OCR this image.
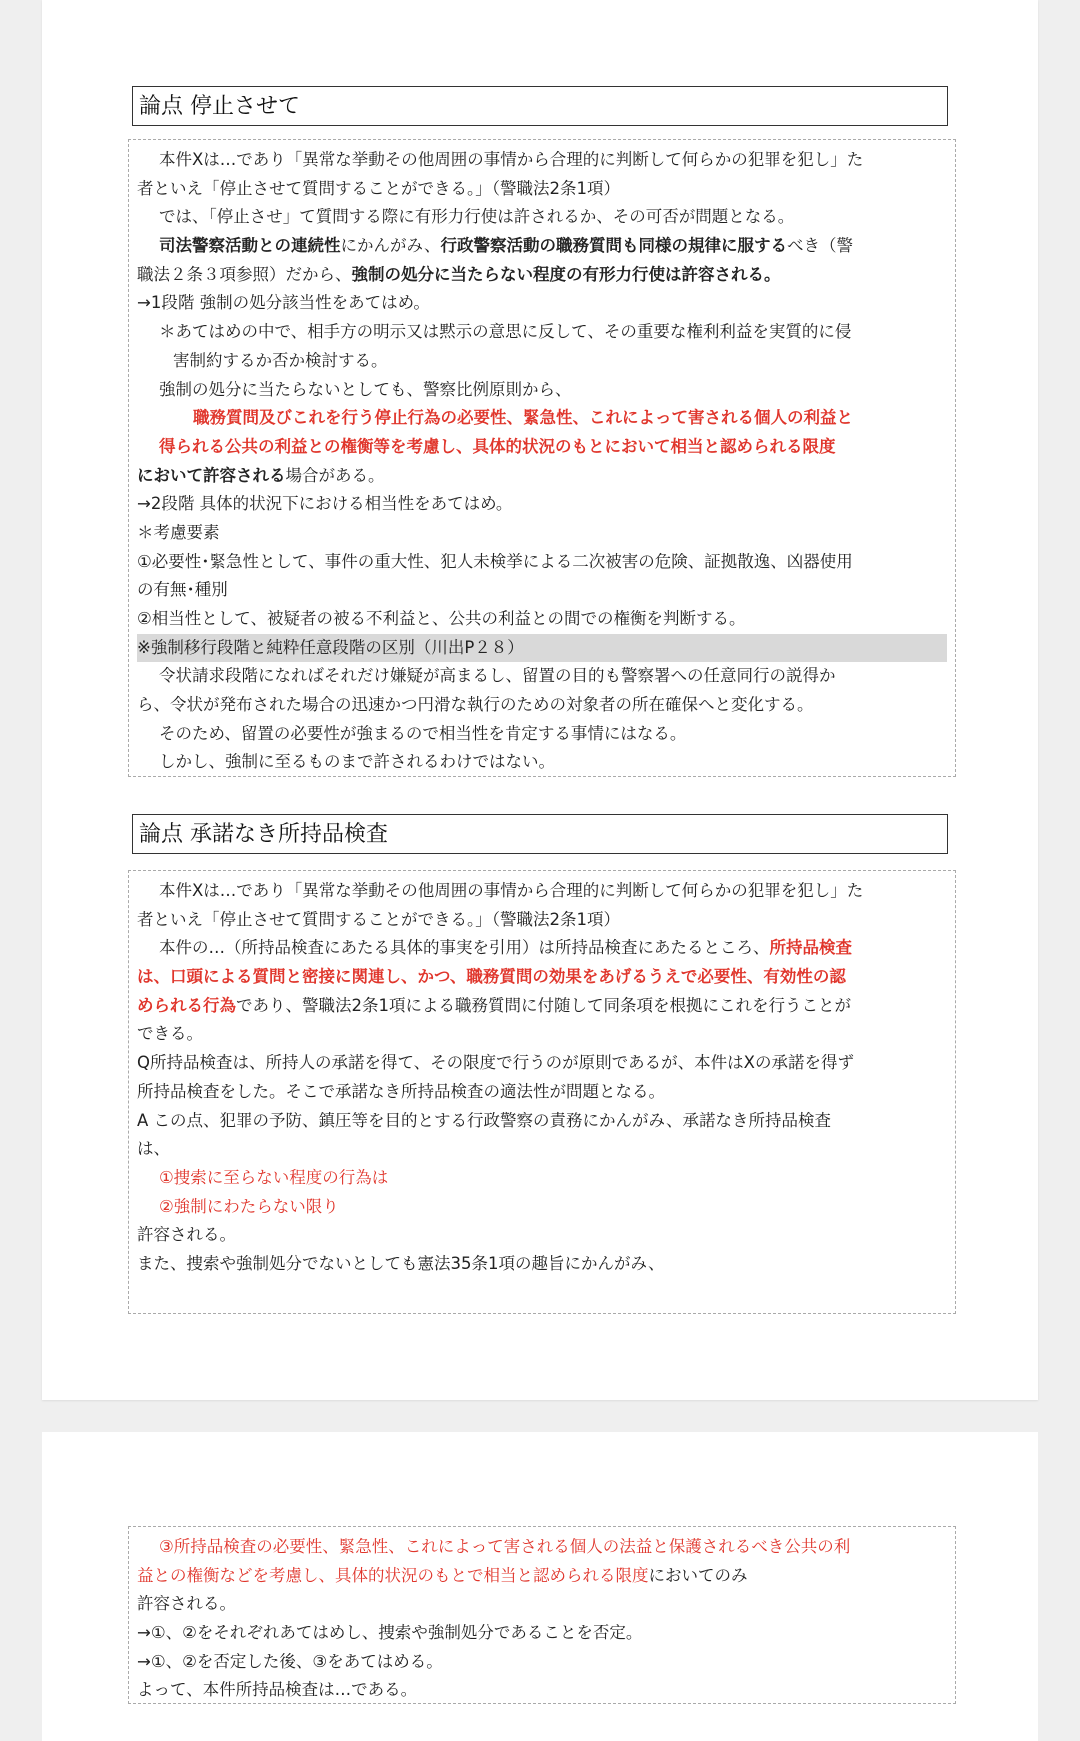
論点 停止させて
本件Xは…であり「異常な挙動その他周囲の事情から合理的に判断して何らかの犯罪を犯し」た
者といえ「停止させて質問することができる。」（警職法2条1項）
では、「停止させ」て質問する際に有形力行使は許されるか、その可否が問題となる。
司法警察活動との連続性にかんがみ、行政警察活動の職務質問も同様の規律に服するべき（警
職法２条３項参照）だから、強制の処分に当たらない程度の有形力行使は許容される。
→1段階 強制の処分該当性をあてはめ。
＊あてはめの中で、相手方の明示又は黙示の意思に反して、その重要な権利利益を実質的に侵
害制約するか否か検討する。
強制の処分に当たらないとしても、警察比例原則から、
職務質問及びこれを行う停止行為の必要性、緊急性、これによって害される個人の利益と
得られる公共の利益との権衡等を考慮し、具体的状況のもとにおいて相当と認められる限度
において許容される場合がある。
→2段階 具体的状況下における相当性をあてはめ。
＊考慮要素
①必要性･緊急性として、事件の重大性、犯人未検挙による二次被害の危険、証拠散逸、凶器使用
の有無･種別
②相当性として、被疑者の被る不利益と、公共の利益との間での権衡を判断する。
※強制移行段階と純粋任意段階の区別（川出P２８）
令状請求段階になればそれだけ嫌疑が高まるし、留置の目的も警察署への任意同行の説得か
ら、令状が発布された場合の迅速かつ円滑な執行のための対象者の所在確保へと変化する。
そのため、留置の必要性が強まるので相当性を肯定する事情にはなる。
しかし、強制に至るものまで許されるわけではない。
論点 承諾なき所持品検査
本件Xは…であり「異常な挙動その他周囲の事情から合理的に判断して何らかの犯罪を犯し」た
者といえ「停止させて質問することができる。」（警職法2条1項）
本件の…（所持品検査にあたる具体的事実を引用）は所持品検査にあたるところ、所持品検査
は、口頭による質問と密接に関連し、かつ、職務質問の効果をあげるうえで必要性、有効性の認
められる行為であり、警職法2条1項による職務質問に付随して同条項を根拠にこれを行うことが
できる。
Q所持品検査は、所持人の承諾を得て、その限度で行うのが原則であるが、本件はXの承諾を得ず
所持品検査をした。そこで承諾なき所持品検査の適法性が問題となる。
A この点、犯罪の予防、鎮圧等を目的とする行政警察の責務にかんがみ、承諾なき所持品検査
は、
①捜索に至らない程度の行為は
②強制にわたらない限り
許容される。
また、捜索や強制処分でないとしても憲法35条1項の趣旨にかんがみ、
③所持品検査の必要性、緊急性、これによって害される個人の法益と保護されるべき公共の利
益との権衡などを考慮し、具体的状況のもとで相当と認められる限度においてのみ
許容される。
→①、②をそれぞれあてはめし、捜索や強制処分であることを否定。
→①、②を否定した後、③をあてはめる。
よって、本件所持品検査は…である。
